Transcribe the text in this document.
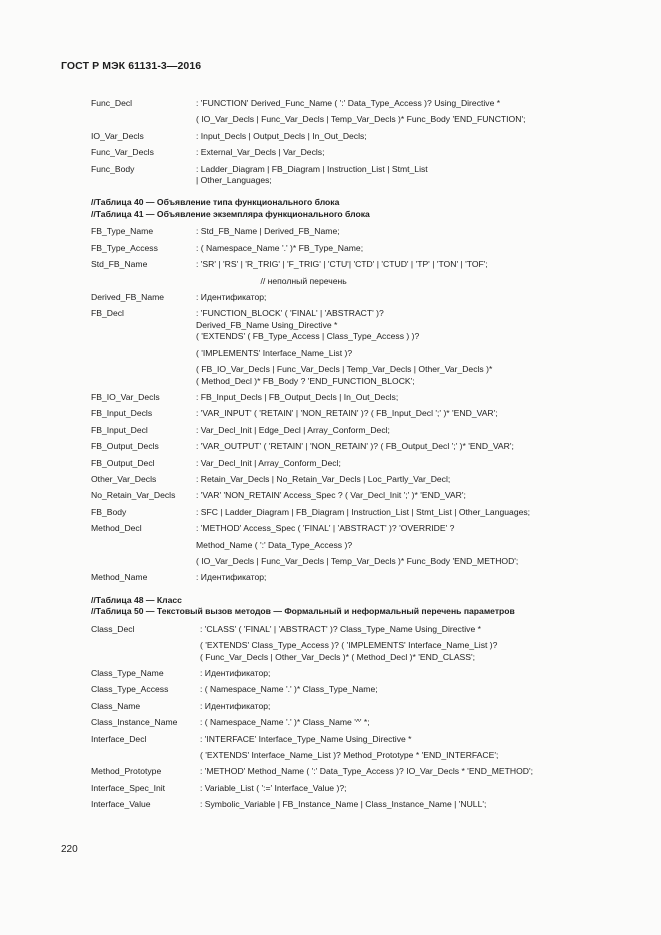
ГОСТ Р МЭК 61131-3—2016
Func_Decl	: 'FUNCTION' Derived_Func_Name ( ':' Data_Type_Access )? Using_Directive *
( IO_Var_Decls | Func_Var_Decls | Temp_Var_Decls )* Func_Body 'END_FUNCTION';
IO_Var_Decls	: Input_Decls | Output_Decls | In_Out_Decls;
Func_Var_Decls	: External_Var_Decls | Var_Decls;
Func_Body	: Ladder_Diagram | FB_Diagram | Instruction_List | Stmt_List
| Other_Languages;
//Таблица 40 — Объявление типа функционального блока
//Таблица 41 — Объявление экземпляра функционального блока
FB_Type_Name	: Std_FB_Name | Derived_FB_Name;
FB_Type_Access	: ( Namespace_Name '.' )* FB_Type_Name;
Std_FB_Name	: 'SR' | 'RS' | 'R_TRIG' | 'F_TRIG' | 'CTU'| 'CTD' | 'CTUD' | 'TP' | 'TON' | 'TOF';
// неполный перечень
Derived_FB_Name	: Идентификатор;
FB_Decl	: 'FUNCTION_BLOCK' ( 'FINAL' | 'ABSTRACT' )?
Derived_FB_Name Using_Directive *
( 'EXTENDS' ( FB_Type_Access | Class_Type_Access ) )?
( 'IMPLEMENTS' Interface_Name_List )?
( FB_IO_Var_Decls | Func_Var_Decls | Temp_Var_Decls | Other_Var_Decls )*
( Method_Decl )* FB_Body ? 'END_FUNCTION_BLOCK';
FB_IO_Var_Decls	: FB_Input_Decls | FB_Output_Decls | In_Out_Decls;
FB_Input_Decls	: 'VAR_INPUT' ( 'RETAIN' | 'NON_RETAIN' )? ( FB_Input_Decl ';' )* 'END_VAR';
FB_Input_Decl	: Var_Decl_Init | Edge_Decl | Array_Conform_Decl;
FB_Output_Decls	: 'VAR_OUTPUT' ( 'RETAIN' | 'NON_RETAIN' )? ( FB_Output_Decl ';' )* 'END_VAR';
FB_Output_Decl	: Var_Decl_Init | Array_Conform_Decl;
Other_Var_Decls	: Retain_Var_Decls | No_Retain_Var_Decls | Loc_Partly_Var_Decl;
No_Retain_Var_Decls	: 'VAR' 'NON_RETAIN' Access_Spec ? ( Var_Decl_Init ';' )* 'END_VAR';
FB_Body	: SFC | Ladder_Diagram | FB_Diagram | Instruction_List | Stmt_List | Other_Languages;
Method_Decl	: 'METHOD' Access_Spec ( 'FINAL' | 'ABSTRACT' )? 'OVERRIDE' ?
Method_Name ( ':' Data_Type_Access )?
( IO_Var_Decls | Func_Var_Decls | Temp_Var_Decls )* Func_Body 'END_METHOD';
Method_Name	: Идентификатор;
//Таблица 48 — Класс
//Таблица 50 — Текстовый вызов методов — Формальный и неформальный перечень параметров
Class_Decl	: 'CLASS' ( 'FINAL' | 'ABSTRACT' )? Class_Type_Name Using_Directive *
( 'EXTENDS' Class_Type_Access )? ( 'IMPLEMENTS' Interface_Name_List )?
( Func_Var_Decls | Other_Var_Decls )* ( Method_Decl )* 'END_CLASS';
Class_Type_Name	: Идентификатор;
Class_Type_Access	: ( Namespace_Name '.' )* Class_Type_Name;
Class_Name	: Идентификатор;
Class_Instance_Name	: ( Namespace_Name '.' )* Class_Name '^' *;
Interface_Decl	: 'INTERFACE' Interface_Type_Name Using_Directive *
( 'EXTENDS' Interface_Name_List )? Method_Prototype * 'END_INTERFACE';
Method_Prototype	: 'METHOD' Method_Name ( ':' Data_Type_Access )? IO_Var_Decls * 'END_METHOD';
Interface_Spec_Init	: Variable_List ( ':=' Interface_Value )?;
Interface_Value	: Symbolic_Variable | FB_Instance_Name | Class_Instance_Name | 'NULL';
220
